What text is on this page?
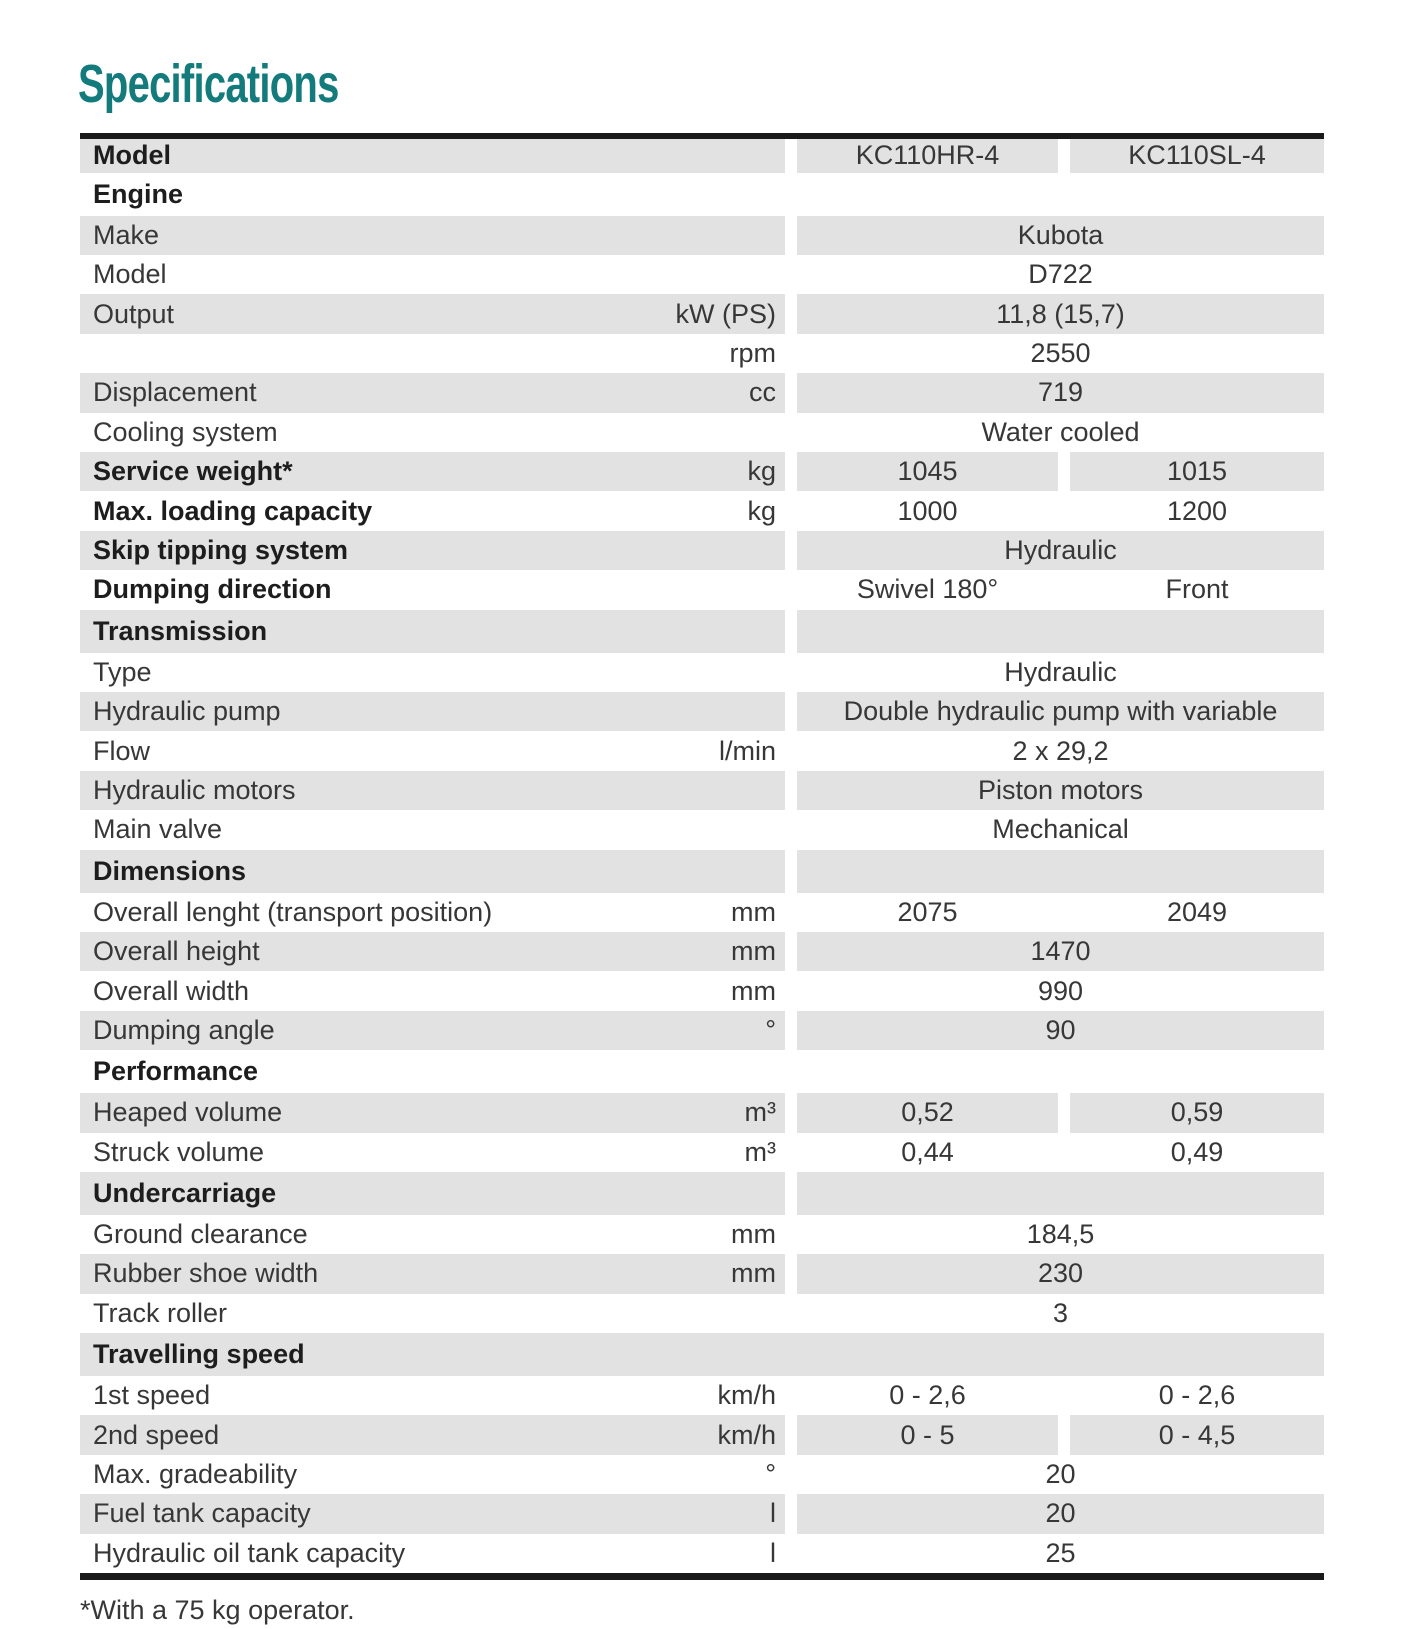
Specifications
Model	KC110HR-4	KC110SL-4
Engine
Make	Kubota
Model	D722
Output	kW (PS)	11,8 (15,7)
rpm	2550
Displacement	cc	719
Cooling system	Water cooled
Service weight*	kg	1045	1015
Max. loading capacity	kg	1000	1200
Skip tipping system	Hydraulic
Dumping direction	Swivel 180°	Front
Transmission
Type	Hydraulic
Hydraulic pump	Double hydraulic pump with variable
Flow	l/min	2 x 29,2
Hydraulic motors	Piston motors
Main valve	Mechanical
Dimensions
Overall lenght (transport position)	mm	2075	2049
Overall height	mm	1470
Overall width	mm	990
Dumping angle	°	90
Performance
Heaped volume	m³	0,52	0,59
Struck volume	m³	0,44	0,49
Undercarriage
Ground clearance	mm	184,5
Rubber shoe width	mm	230
Track roller	3
Travelling speed
1st speed	km/h	0 - 2,6	0 - 2,6
2nd speed	km/h	0 - 5	0 - 4,5
Max. gradeability	°	20
Fuel tank capacity	l	20
Hydraulic oil tank capacity	l	25
*With a 75 kg operator.
